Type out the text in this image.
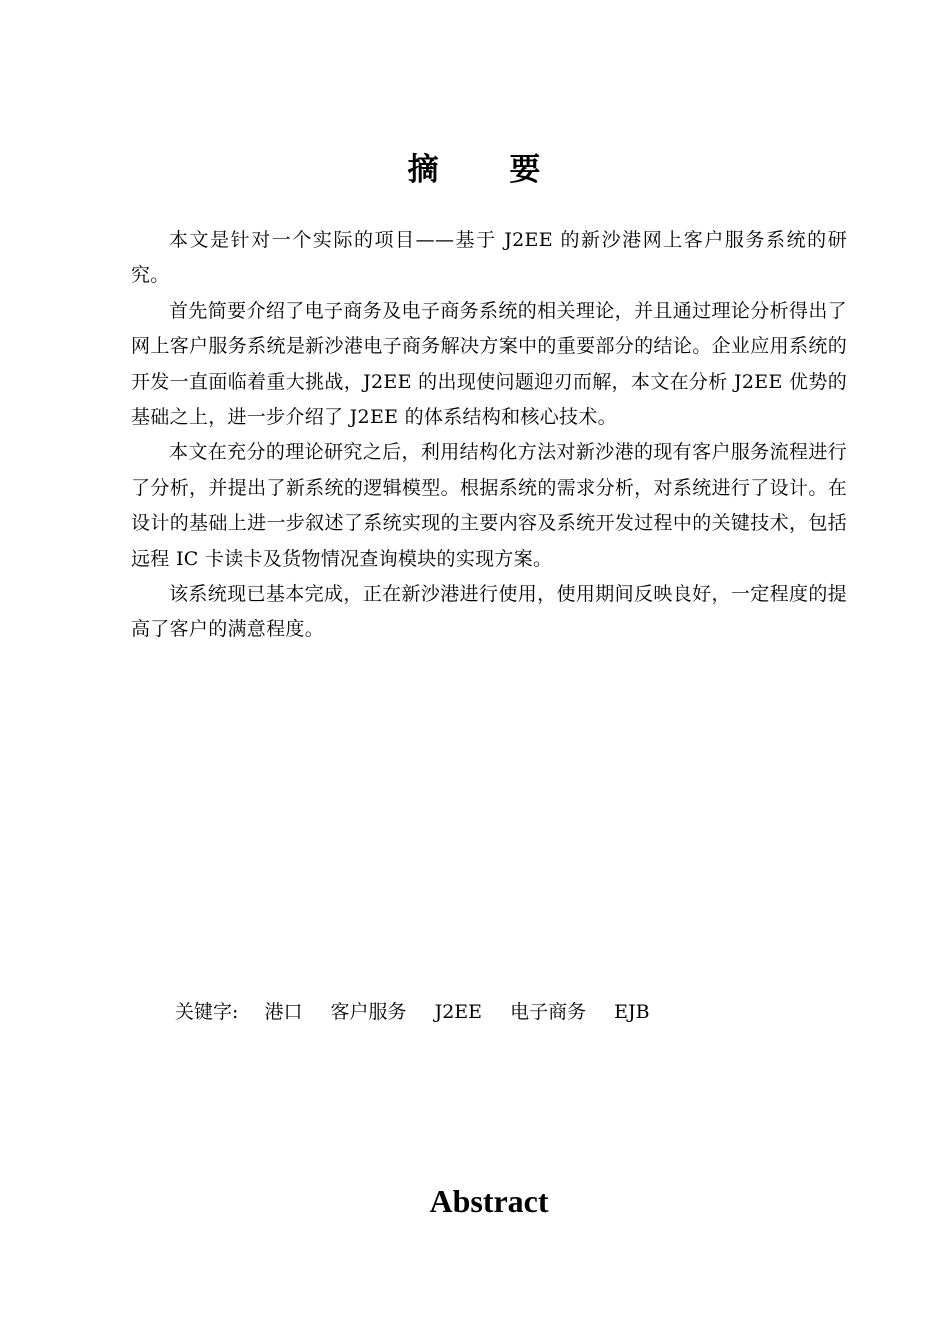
摘 要

本文是针对一个实际的项目——基于 J2EE 的新沙港网上客户服务系统的研究。

首先简要介绍了电子商务及电子商务系统的相关理论，并且通过理论分析得出了网上客户服务系统是新沙港电子商务解决方案中的重要部分的结论。企业应用系统的开发一直面临着重大挑战，J2EE 的出现使问题迎刃而解，本文在分析 J2EE 优势的基础之上，进一步介绍了 J2EE 的体系结构和核心技术。

本文在充分的理论研究之后，利用结构化方法对新沙港的现有客户服务流程进行了分析，并提出了新系统的逻辑模型。根据系统的需求分析，对系统进行了设计。在设计的基础上进一步叙述了系统实现的主要内容及系统开发过程中的关键技术，包括远程 IC 卡读卡及货物情况查询模块的实现方案。

该系统现已基本完成，正在新沙港进行使用，使用期间反映良好，一定程度的提高了客户的满意程度。

关键字: 港口 客户服务 J2EE 电子商务 EJB
Abstract
